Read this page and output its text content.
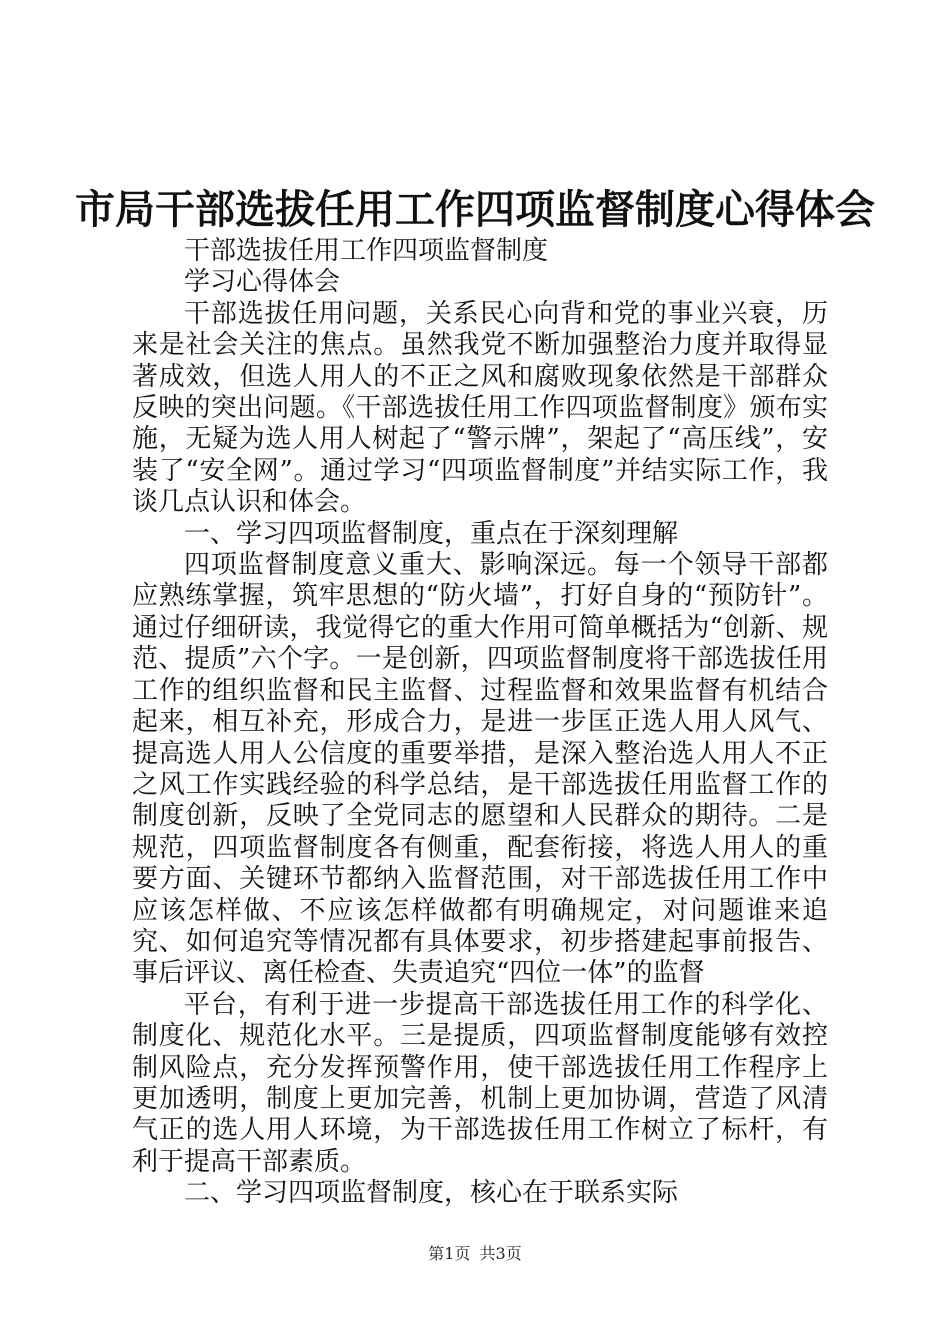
市局干部选拔任用工作四项监督制度心得体会

干部选拔任用工作四项监督制度

学习心得体会

干部选拔任用问题，关系民心向背和党的事业兴衰，历来是社会关注的焦点。虽然我党不断加强整治力度并取得显著成效，但选人用人的不正之风和腐败现象依然是干部群众反映的突出问题。《干部选拔任用工作四项监督制度》颁布实施，无疑为选人用人树起了“警示牌”，架起了“高压线”，安装了“安全网”。通过学习“四项监督制度”并结实际工作，我谈几点认识和体会。

一、学习四项监督制度，重点在于深刻理解

四项监督制度意义重大、影响深远。每一个领导干部都应熟练掌握，筑牢思想的“防火墙”，打好自身的“预防针”。通过仔细研读，我觉得它的重大作用可简单概括为“创新、规范、提质”六个字。一是创新，四项监督制度将干部选拔任用工作的组织监督和民主监督、过程监督和效果监督有机结合起来，相互补充，形成合力，是进一步匡正选人用人风气、提高选人用人公信度的重要举措，是深入整治选人用人不正之风工作实践经验的科学总结，是干部选拔任用监督工作的制度创新，反映了全党同志的愿望和人民群众的期待。二是规范，四项监督制度各有侧重，配套衔接，将选人用人的重要方面、关键环节都纳入监督范围，对干部选拔任用工作中应该怎样做、不应该怎样做都有明确规定，对问题谁来追究、如何追究等情况都有具体要求，初步搭建起事前报告、事后评议、离任检查、失责追究“四位一体”的监督

平台，有利于进一步提高干部选拔任用工作的科学化、制度化、规范化水平。三是提质，四项监督制度能够有效控制风险点，充分发挥预警作用，使干部选拔任用工作程序上更加透明，制度上更加完善，机制上更加协调，营造了风清气正的选人用人环境，为干部选拔任用工作树立了标杆，有利于提高干部素质。

二、学习四项监督制度，核心在于联系实际

第1页 共3页
